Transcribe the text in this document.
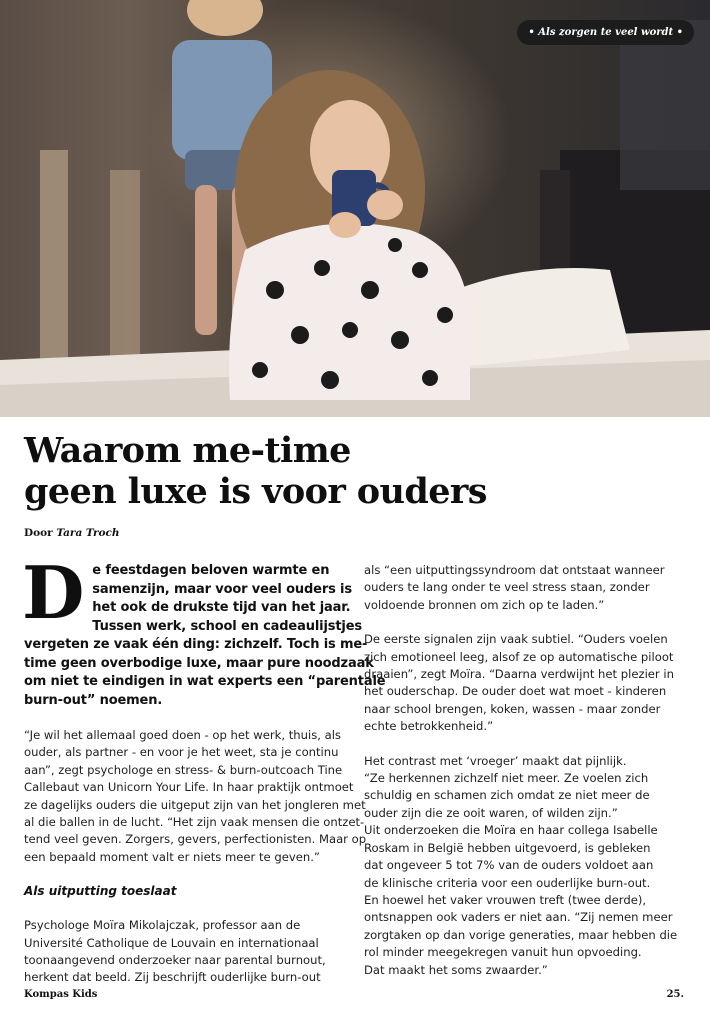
• Als zorgen te veel wordt •
Waarom me-time
geen luxe is voor ouders
Door Tara Troch
D e feestdagen beloven warmte en
samenzijn, maar voor veel ouders is
het ook de drukste tijd van het jaar.
Tussen werk, school en cadeaulijstjes
vergeten ze vaak één ding: zichzelf. Toch is me-
time geen overbodige luxe, maar pure noodzaak
om niet te eindigen in wat experts een “parentale
burn-out” noemen.
“Je wil het allemaal goed doen - op het werk, thuis, als
ouder, als partner - en voor je het weet, sta je continu
aan”, zegt psychologe en stress- & burn-outcoach Tine
Callebaut van Unicorn Your Life. In haar praktijk ontmoet
ze dagelijks ouders die uitgeput zijn van het jongleren met
al die ballen in de lucht. “Het zijn vaak mensen die ontzet-
tend veel geven. Zorgers, gevers, perfectionisten. Maar op
een bepaald moment valt er niets meer te geven.”
Als uitputting toeslaat
Psychologe Moïra Mikolajczak, professor aan de
Université Catholique de Louvain en internationaal
toonaangevend onderzoeker naar parental burnout,
herkent dat beeld. Zij beschrijft ouderlijke burn-out
als “een uitputtingssyndroom dat ontstaat wanneer
ouders te lang onder te veel stress staan, zonder
voldoende bronnen om zich op te laden.”
De eerste signalen zijn vaak subtiel. “Ouders voelen
zich emotioneel leeg, alsof ze op automatische piloot
draaien”, zegt Moïra. “Daarna verdwijnt het plezier in
het ouderschap. De ouder doet wat moet - kinderen
naar school brengen, koken, wassen - maar zonder
echte betrokkenheid.”
Het contrast met ‘vroeger’ maakt dat pijnlijk.
“Ze herkennen zichzelf niet meer. Ze voelen zich
schuldig en schamen zich omdat ze niet meer de
ouder zijn die ze ooit waren, of wilden zijn.”
Uit onderzoeken die Moïra en haar collega Isabelle
Roskam in België hebben uitgevoerd, is gebleken
dat ongeveer 5 tot 7% van de ouders voldoet aan
de klinische criteria voor een ouderlijke burn-out.
En hoewel het vaker vrouwen treft (twee derde),
ontsnappen ook vaders er niet aan. “Zij nemen meer
zorgtaken op dan vorige generaties, maar hebben die
rol minder meegekregen vanuit hun opvoeding.
Dat maakt het soms zwaarder.”
Kompas Kids	25.
